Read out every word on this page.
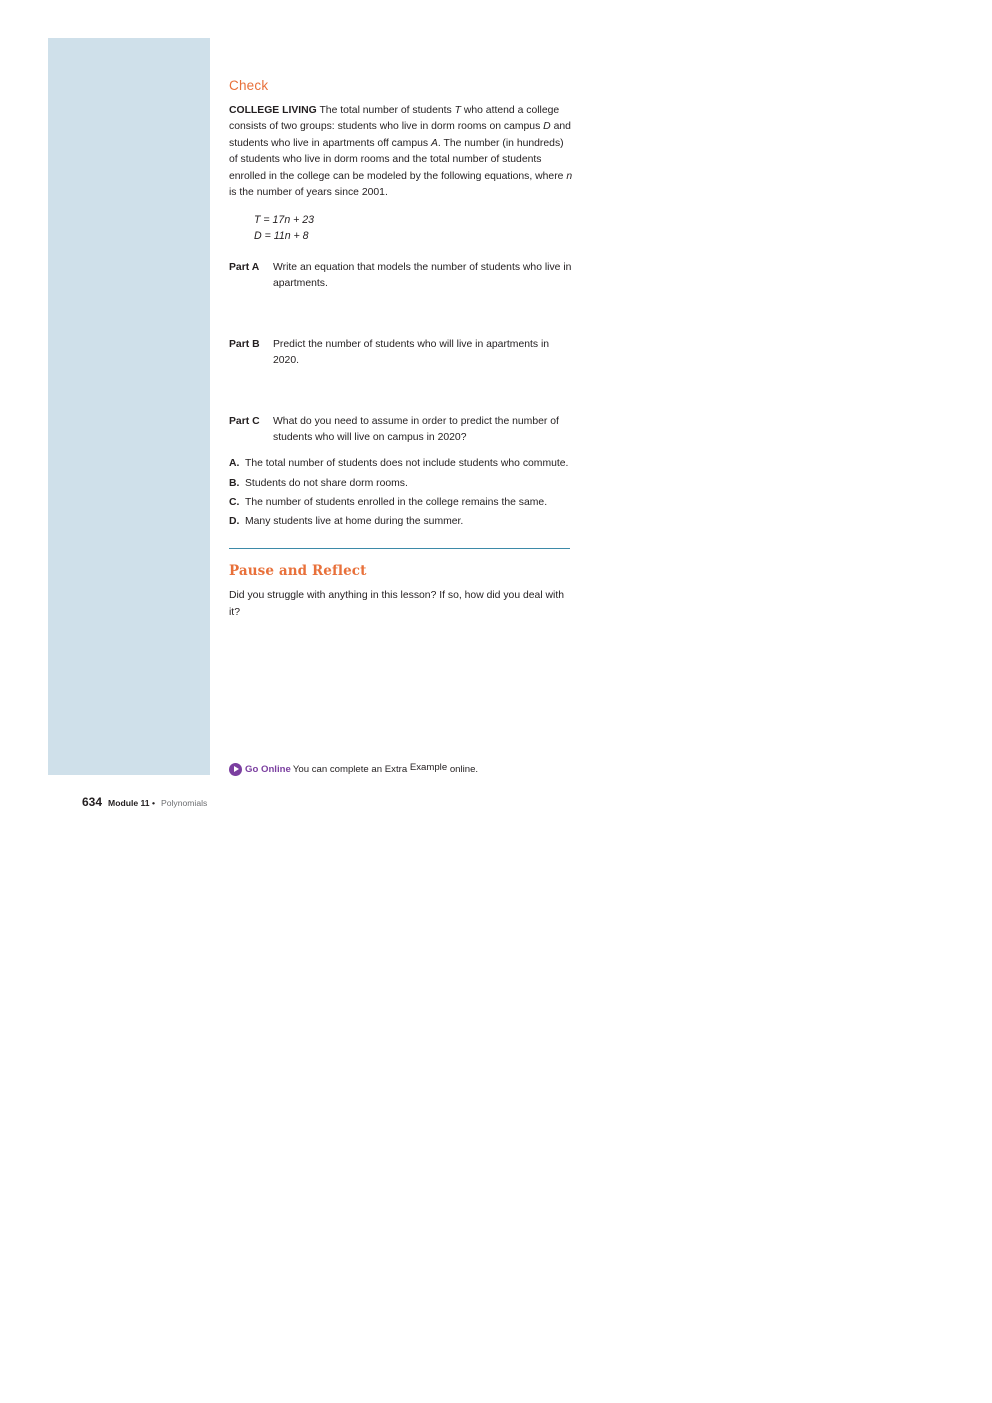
Check

COLLEGE LIVING The total number of students T who attend a college consists of two groups: students who live in dorm rooms on campus D and students who live in apartments off campus A. The number (in hundreds) of students who live in dorm rooms and the total number of students enrolled in the college can be modeled by the following equations, where n is the number of years since 2001.

T = 17n + 23
D = 11n + 8
Part A Write an equation that models the number of students who live in apartments.
Part B Predict the number of students who will live in apartments in 2020.
Part C What do you need to assume in order to predict the number of students who will live on campus in 2020?
A. The total number of students does not include students who commute.
B. Students do not share dorm rooms.
C. The number of students enrolled in the college remains the same.
D. Many students live at home during the summer.
Pause and Reflect
Did you struggle with anything in this lesson? If so, how did you deal with it?
Go Online You can complete an Extra Example online.
634 Module 11 • Polynomials
